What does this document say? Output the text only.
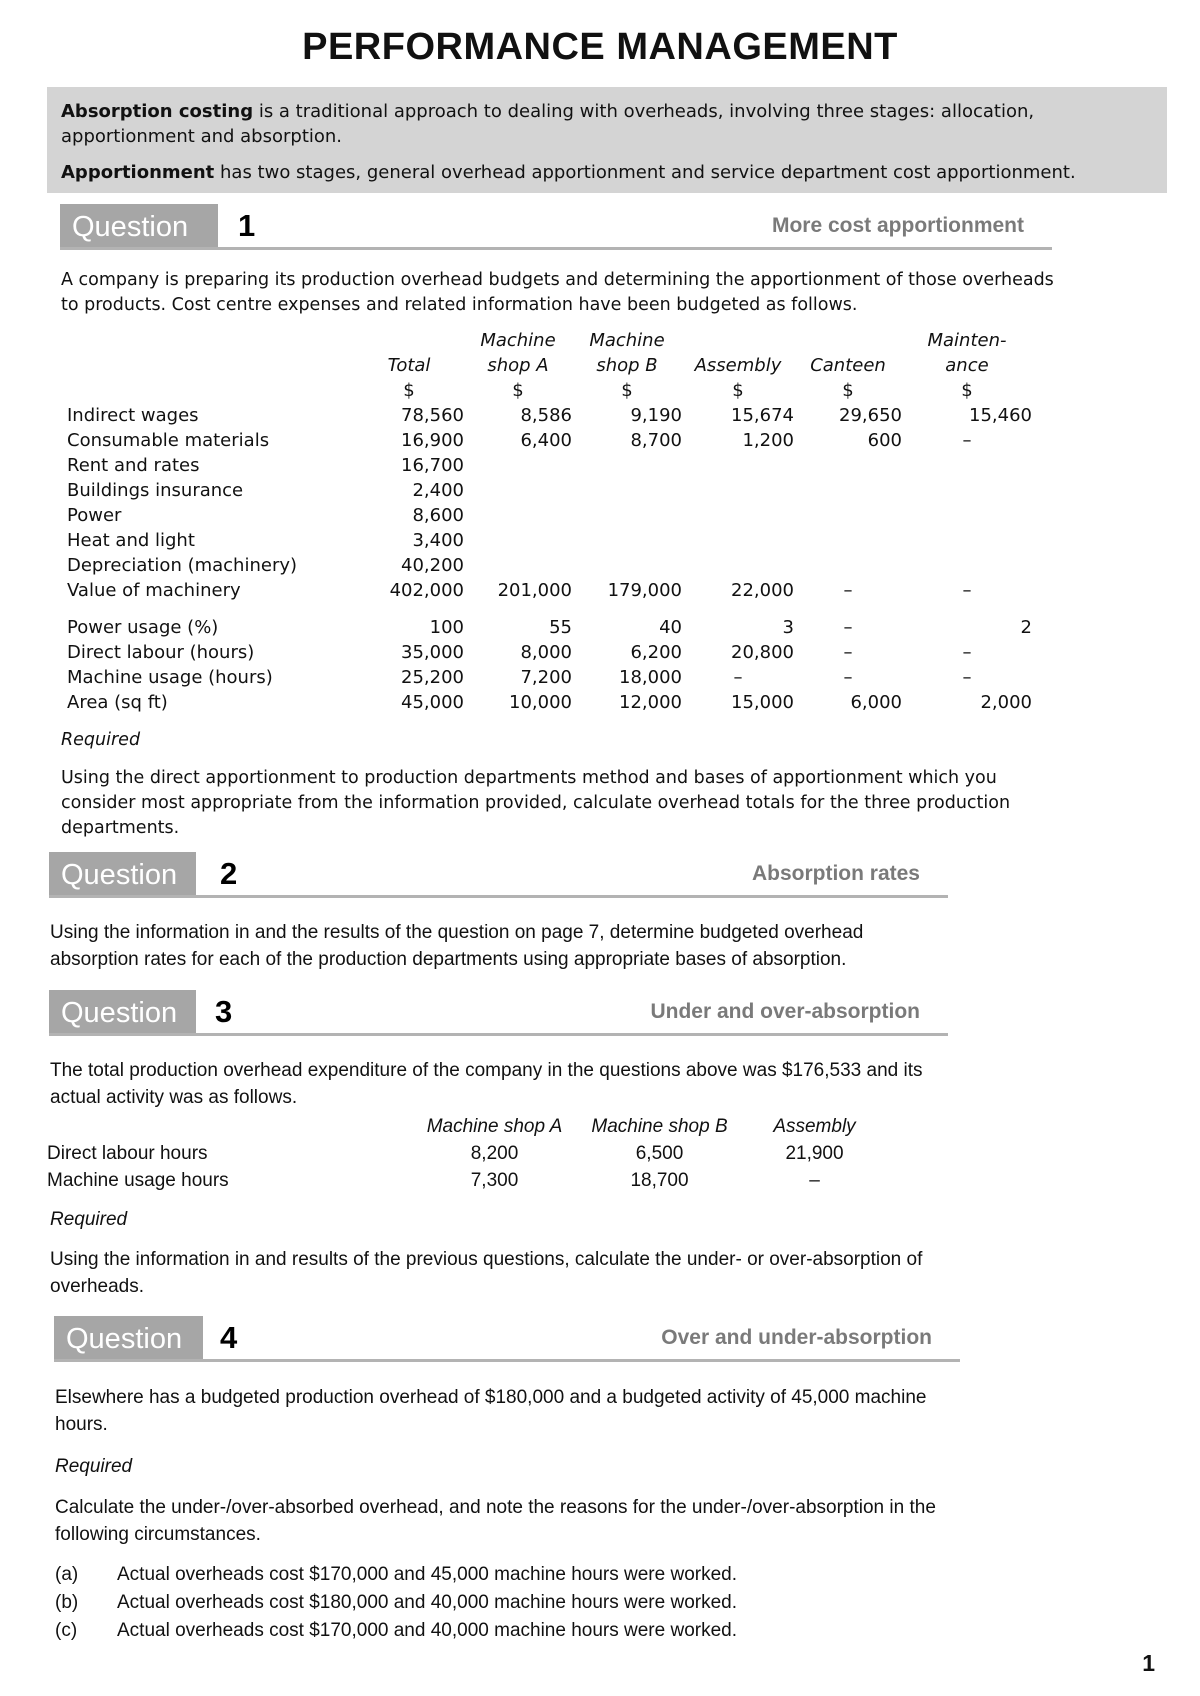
PERFORMANCE MANAGEMENT

Absorption costing is a traditional approach to dealing with overheads, involving three stages: allocation, apportionment and absorption.

Apportionment has two stages, general overhead apportionment and service department cost apportionment.

Question	1	More cost apportionment
A company is preparing its production overhead budgets and determining the apportionment of those overheads to products. Cost centre expenses and related information have been budgeted as follows.
		Machine	Machine			Mainten-
	Total	shop A	shop B	Assembly	Canteen	ance
	$	$	$	$	$	$
Indirect wages	78,560	8,586	9,190	15,674	29,650	15,460
Consumable materials	16,900	6,400	8,700	1,200	600	–
Rent and rates	16,700					
Buildings insurance	2,400					
Power	8,600					
Heat and light	3,400					
Depreciation (machinery)	40,200					
Value of machinery	402,000	201,000	179,000	22,000	–	–

Power usage (%)	100	55	40	3	–	2
Direct labour (hours)	35,000	8,000	6,200	20,800	–	–
Machine usage (hours)	25,200	7,200	18,000	–	–	–
Area (sq ft)	45,000	10,000	12,000	15,000	6,000	2,000
Required
Using the direct apportionment to production departments method and bases of apportionment which you consider most appropriate from the information provided, calculate overhead totals for the three production departments.
Question	2	Absorption rates
Using the information in and the results of the question on page 7, determine budgeted overhead absorption rates for each of the production departments using appropriate bases of absorption.
Question	3	Under and over-absorption
The total production overhead expenditure of the company in the questions above was $176,533 and its actual activity was as follows.
	Machine shop A	Machine shop B	Assembly
Direct labour hours	8,200	6,500	21,900
Machine usage hours	7,300	18,700	–
Required
Using the information in and results of the previous questions, calculate the under- or over-absorption of overheads.
Question	4	Over and under-absorption
Elsewhere has a budgeted production overhead of $180,000 and a budgeted activity of 45,000 machine hours.
Required
Calculate the under-/over-absorbed overhead, and note the reasons for the under-/over-absorption in the following circumstances.
(a)	Actual overheads cost $170,000 and 45,000 machine hours were worked.
(b)	Actual overheads cost $180,000 and 40,000 machine hours were worked.
(c)	Actual overheads cost $170,000 and 40,000 machine hours were worked.
1
